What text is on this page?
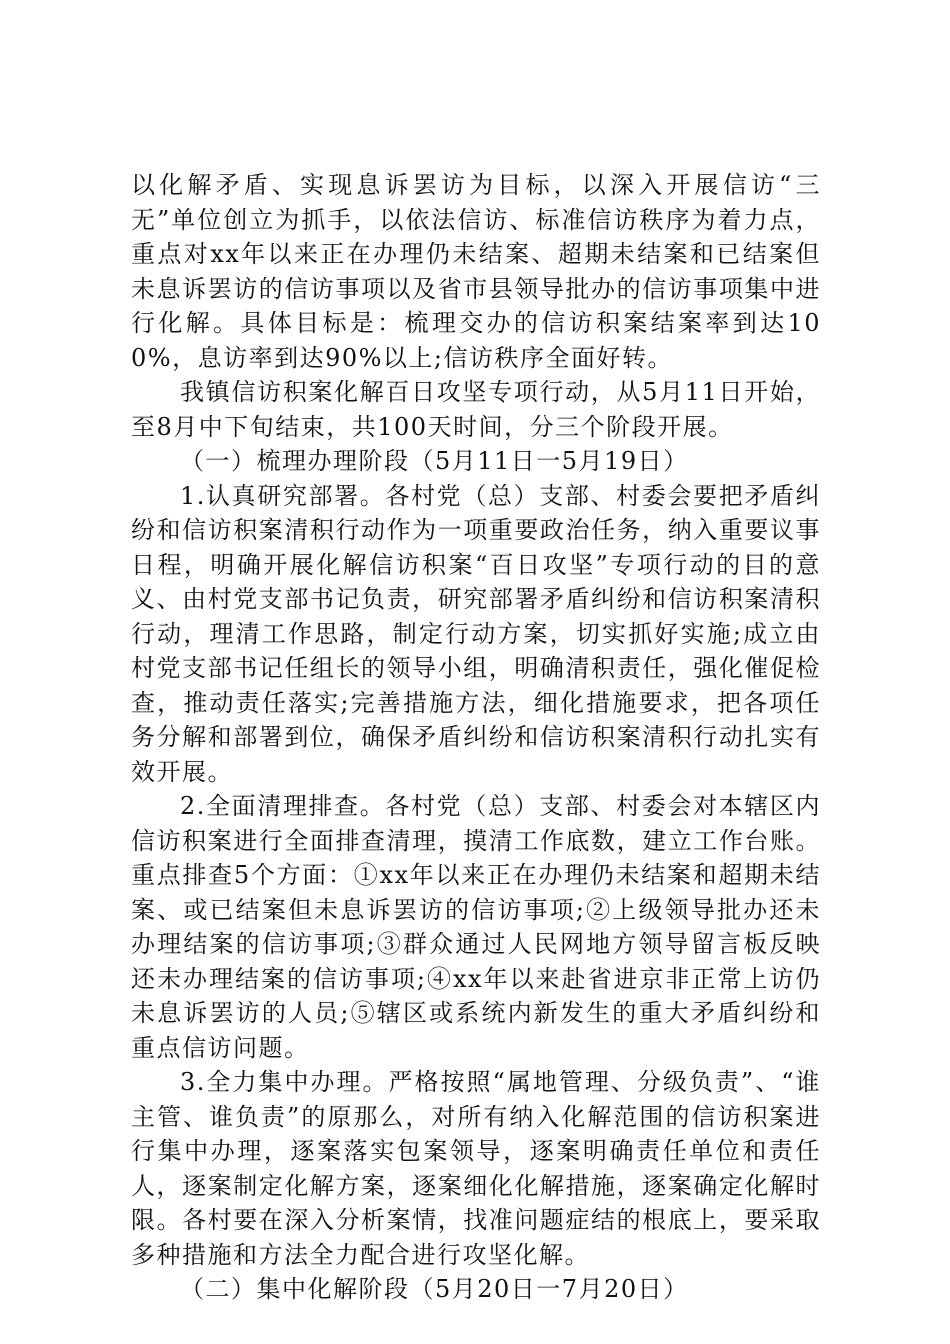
以化解矛盾、实现息诉罢访为目标，以深入开展信访“三无”单位创立为抓手，以依法信访、标准信访秩序为着力点，重点对xx年以来正在办理仍未结案、超期未结案和已结案但未息诉罢访的信访事项以及省市县领导批办的信访事项集中进行化解。具体目标是：梳理交办的信访积案结案率到达100%，息访率到达90%以上;信访秩序全面好转。

我镇信访积案化解百日攻坚专项行动，从5月11日开始，至8月中下旬结束，共100天时间，分三个阶段开展。

（一）梳理办理阶段（5月11日一5月19日）

1.认真研究部署。各村党（总）支部、村委会要把矛盾纠纷和信访积案清积行动作为一项重要政治任务，纳入重要议事日程，明确开展化解信访积案“百日攻坚”专项行动的目的意义、由村党支部书记负责，研究部署矛盾纠纷和信访积案清积行动，理清工作思路，制定行动方案，切实抓好实施;成立由村党支部书记任组长的领导小组，明确清积责任，强化催促检查，推动责任落实;完善措施方法，细化措施要求，把各项任务分解和部署到位，确保矛盾纠纷和信访积案清积行动扎实有效开展。

2.全面清理排查。各村党（总）支部、村委会对本辖区内信访积案进行全面排查清理，摸清工作底数，建立工作台账。重点排查5个方面：①xx年以来正在办理仍未结案和超期未结案、或已结案但未息诉罢访的信访事项;②上级领导批办还未办理结案的信访事项;③群众通过人民网地方领导留言板反映还未办理结案的信访事项;④xx年以来赴省进京非正常上访仍未息诉罢访的人员;⑤辖区或系统内新发生的重大矛盾纠纷和重点信访问题。

3.全力集中办理。严格按照“属地管理、分级负责”、“谁主管、谁负责”的原那么，对所有纳入化解范围的信访积案进行集中办理，逐案落实包案领导，逐案明确责任单位和责任人，逐案制定化解方案，逐案细化化解措施，逐案确定化解时限。各村要在深入分析案情，找准问题症结的根底上，要采取多种措施和方法全力配合进行攻坚化解。

（二）集中化解阶段（5月20日一7月20日）
